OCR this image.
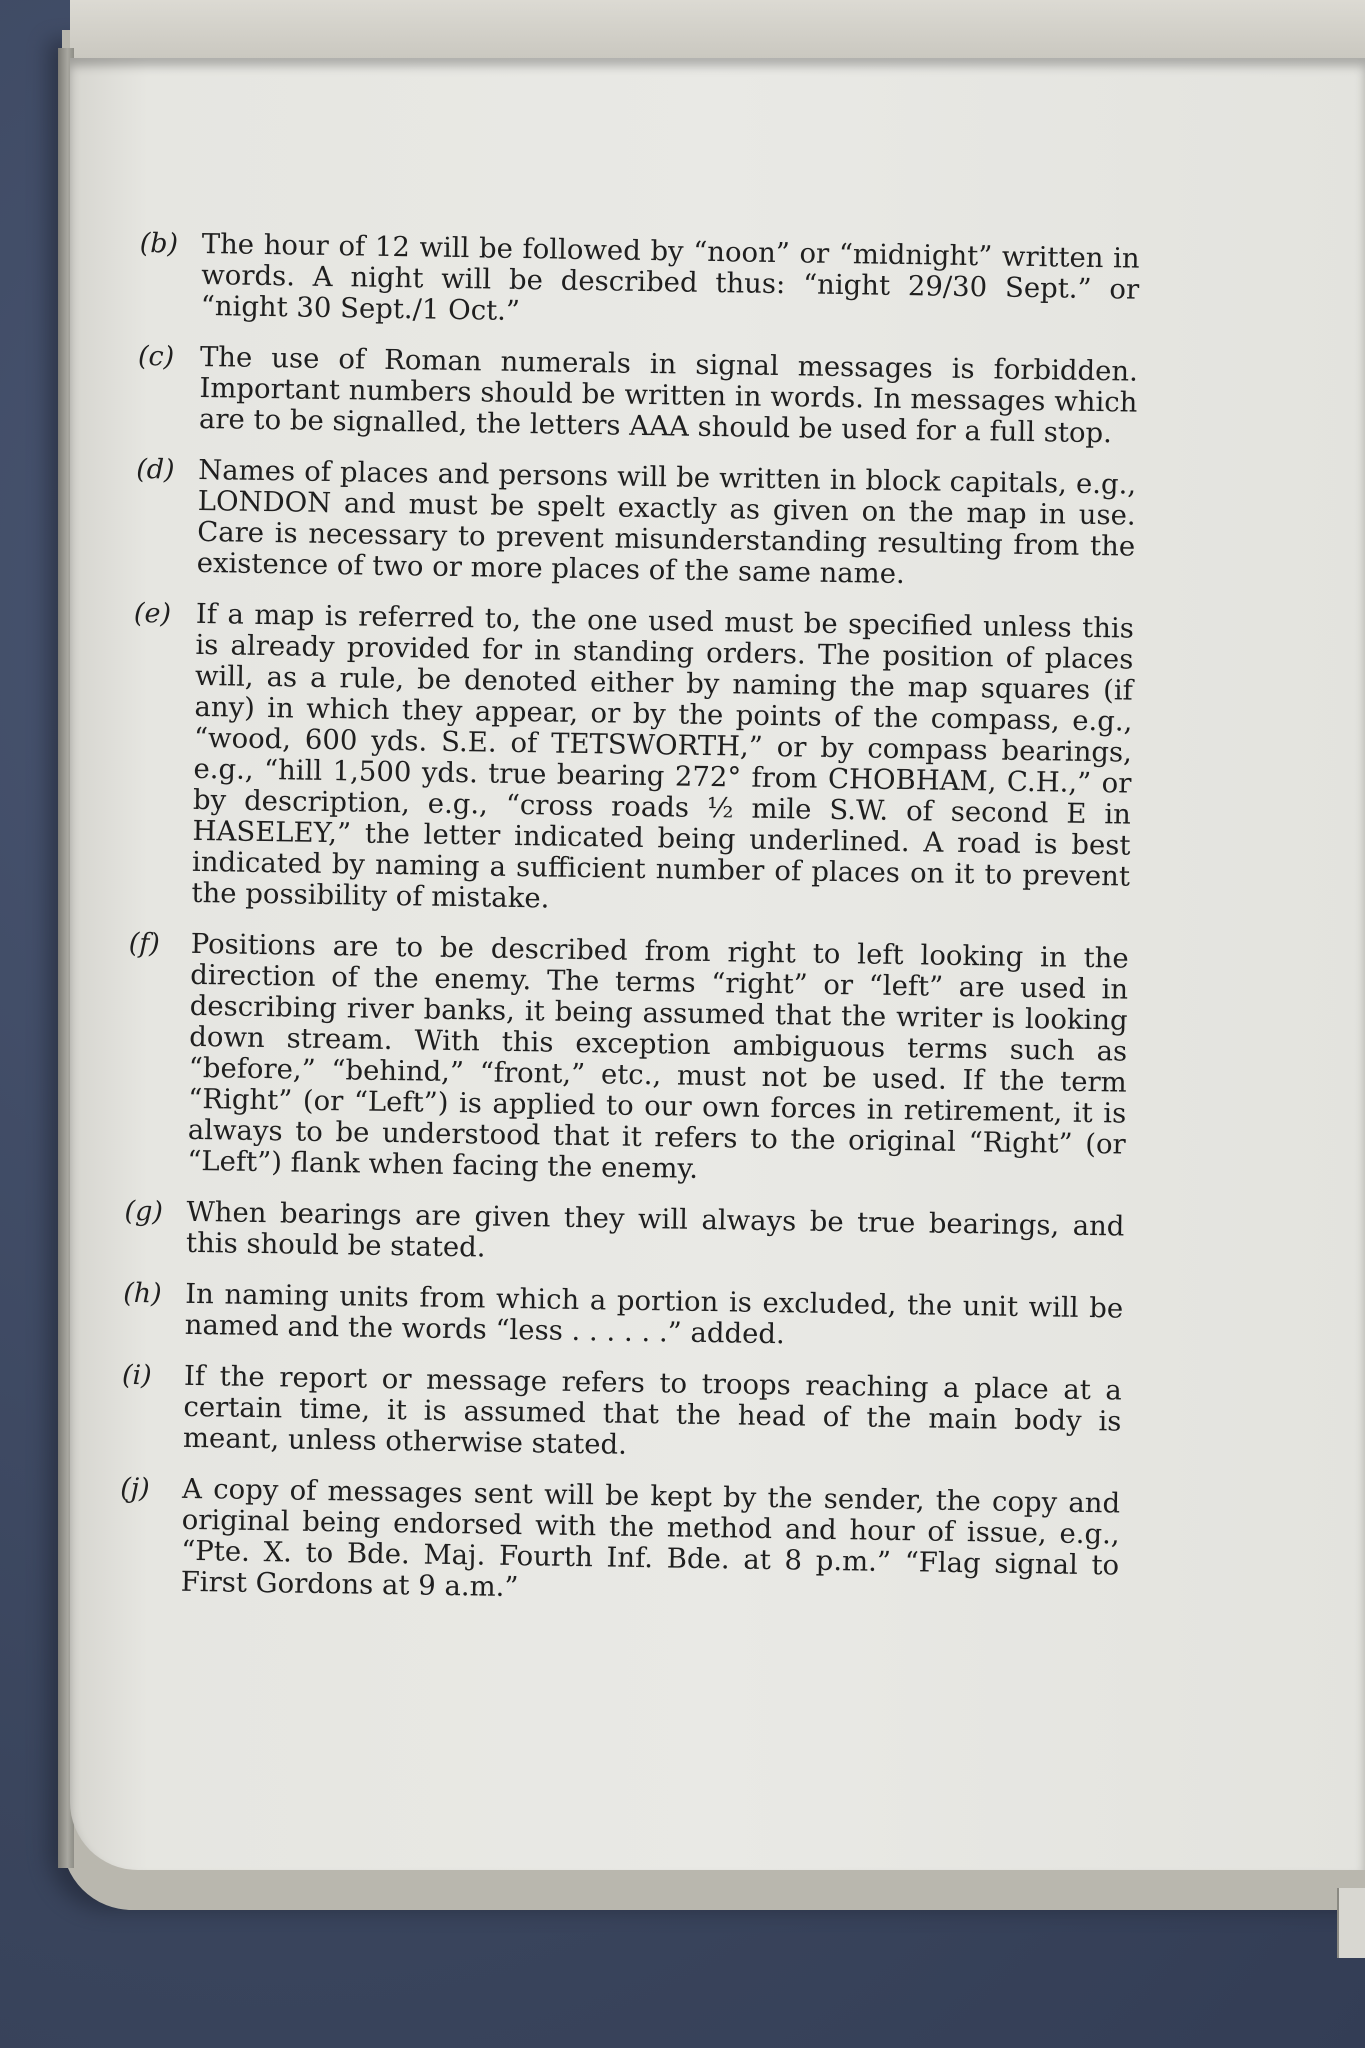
(b) The hour of 12 will be followed by “noon” or “midnight” written in words. A night will be described thus: “night 29/30 Sept.” or “night 30 Sept./1 Oct.”
(c) The use of Roman numerals in signal messages is forbidden. Important numbers should be written in words. In messages which are to be signalled, the letters AAA should be used for a full stop.
(d) Names of places and persons will be written in block capitals, e.g., LONDON and must be spelt exactly as given on the map in use. Care is necessary to prevent misunderstanding resulting from the existence of two or more places of the same name.
(e) If a map is referred to, the one used must be specified unless this is already provided for in standing orders. The position of places will, as a rule, be denoted either by naming the map squares (if any) in which they appear, or by the points of the compass, e.g., “wood, 600 yds. S.E. of TETSWORTH,” or by compass bearings, e.g., “hill 1,500 yds. true bearing 272° from CHOBHAM, C.H.,” or by description, e.g., “cross roads ½ mile S.W. of second E in HASELEY,” the letter indicated being underlined. A road is best indicated by naming a sufficient number of places on it to prevent the possibility of mistake.
(f) Positions are to be described from right to left looking in the direction of the enemy. The terms “right” or “left” are used in describing river banks, it being assumed that the writer is looking down stream. With this exception ambiguous terms such as “before,” “behind,” “front,” etc., must not be used. If the term “Right” (or “Left”) is applied to our own forces in retirement, it is always to be understood that it refers to the original “Right” (or “Left”) flank when facing the enemy.
(g) When bearings are given they will always be true bearings, and this should be stated.
(h) In naming units from which a portion is excluded, the unit will be named and the words “less . . . . . .” added.
(i) If the report or message refers to troops reaching a place at a certain time, it is assumed that the head of the main body is meant, unless otherwise stated.
(j) A copy of messages sent will be kept by the sender, the copy and original being endorsed with the method and hour of issue, e.g., “Pte. X. to Bde. Maj. Fourth Inf. Bde. at 8 p.m.” “Flag signal to First Gordons at 9 a.m.”
